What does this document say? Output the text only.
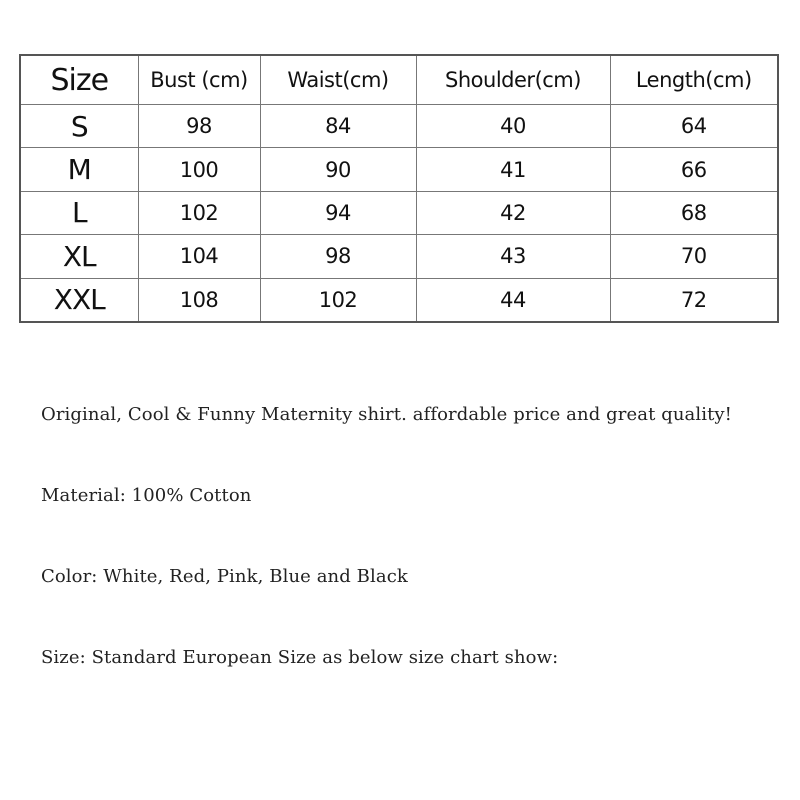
Size	Bust (cm)	Waist(cm)	Shoulder(cm)	Length(cm)
S	98	84	40	64
M	100	90	41	66
L	102	94	42	68
XL	104	98	43	70
XXL	108	102	44	72

Original, Cool & Funny Maternity shirt. affordable price and great quality!

Material: 100% Cotton

Color: White, Red, Pink, Blue and Black

Size: Standard European Size as below size chart show:
